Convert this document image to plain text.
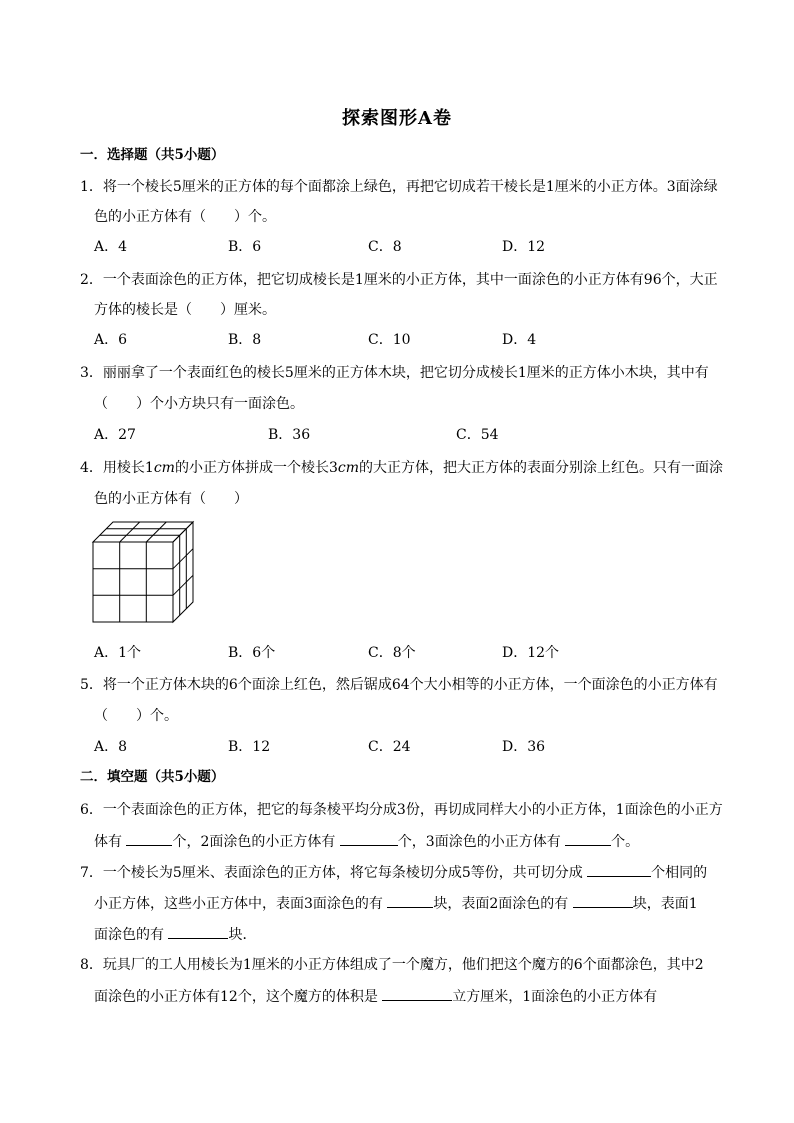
探索图形A卷
一．选择题（共5小题）
1．将一个棱长5厘米的正方体的每个面都涂上绿色，再把它切成若干棱长是1厘米的小正方体。3面涂绿
色的小正方体有（　　）个。
A．4	B．6	C．8	D．12
2．一个表面涂色的正方体，把它切成棱长是1厘米的小正方体，其中一面涂色的小正方体有96个，大正
方体的棱长是（　　）厘米。
A．6	B．8	C．10	D．4
3．丽丽拿了一个表面红色的棱长5厘米的正方体木块，把它切分成棱长1厘米的正方体小木块，其中有
（　　）个小方块只有一面涂色。
A．27	B．36	C．54
4．用棱长1cm的小正方体拼成一个棱长3cm的大正方体，把大正方体的表面分别涂上红色。只有一面涂
色的小正方体有（　　）
A．1个	B．6个	C．8个	D．12个
5．将一个正方体木块的6个面涂上红色，然后锯成64个大小相等的小正方体，一个面涂色的小正方体有
（　　）个。
A．8	B．12	C．24	D．36
二．填空题（共5小题）
6．一个表面涂色的正方体，把它的每条棱平均分成3份，再切成同样大小的小正方体，1面涂色的小正方
体有	个，2面涂色的小正方体有	个，3面涂色的小正方体有	个。
7．一个棱长为5厘米、表面涂色的正方体，将它每条棱切分成5等份，共可切分成	个相同的
小正方体，这些小正方体中，表面3面涂色的有	块，表面2面涂色的有	块，表面1
面涂色的有	块．
8．玩具厂的工人用棱长为1厘米的小正方体组成了一个魔方，他们把这个魔方的6个面都涂色，其中2
面涂色的小正方体有12个，这个魔方的体积是	立方厘米，1面涂色的小正方体有
